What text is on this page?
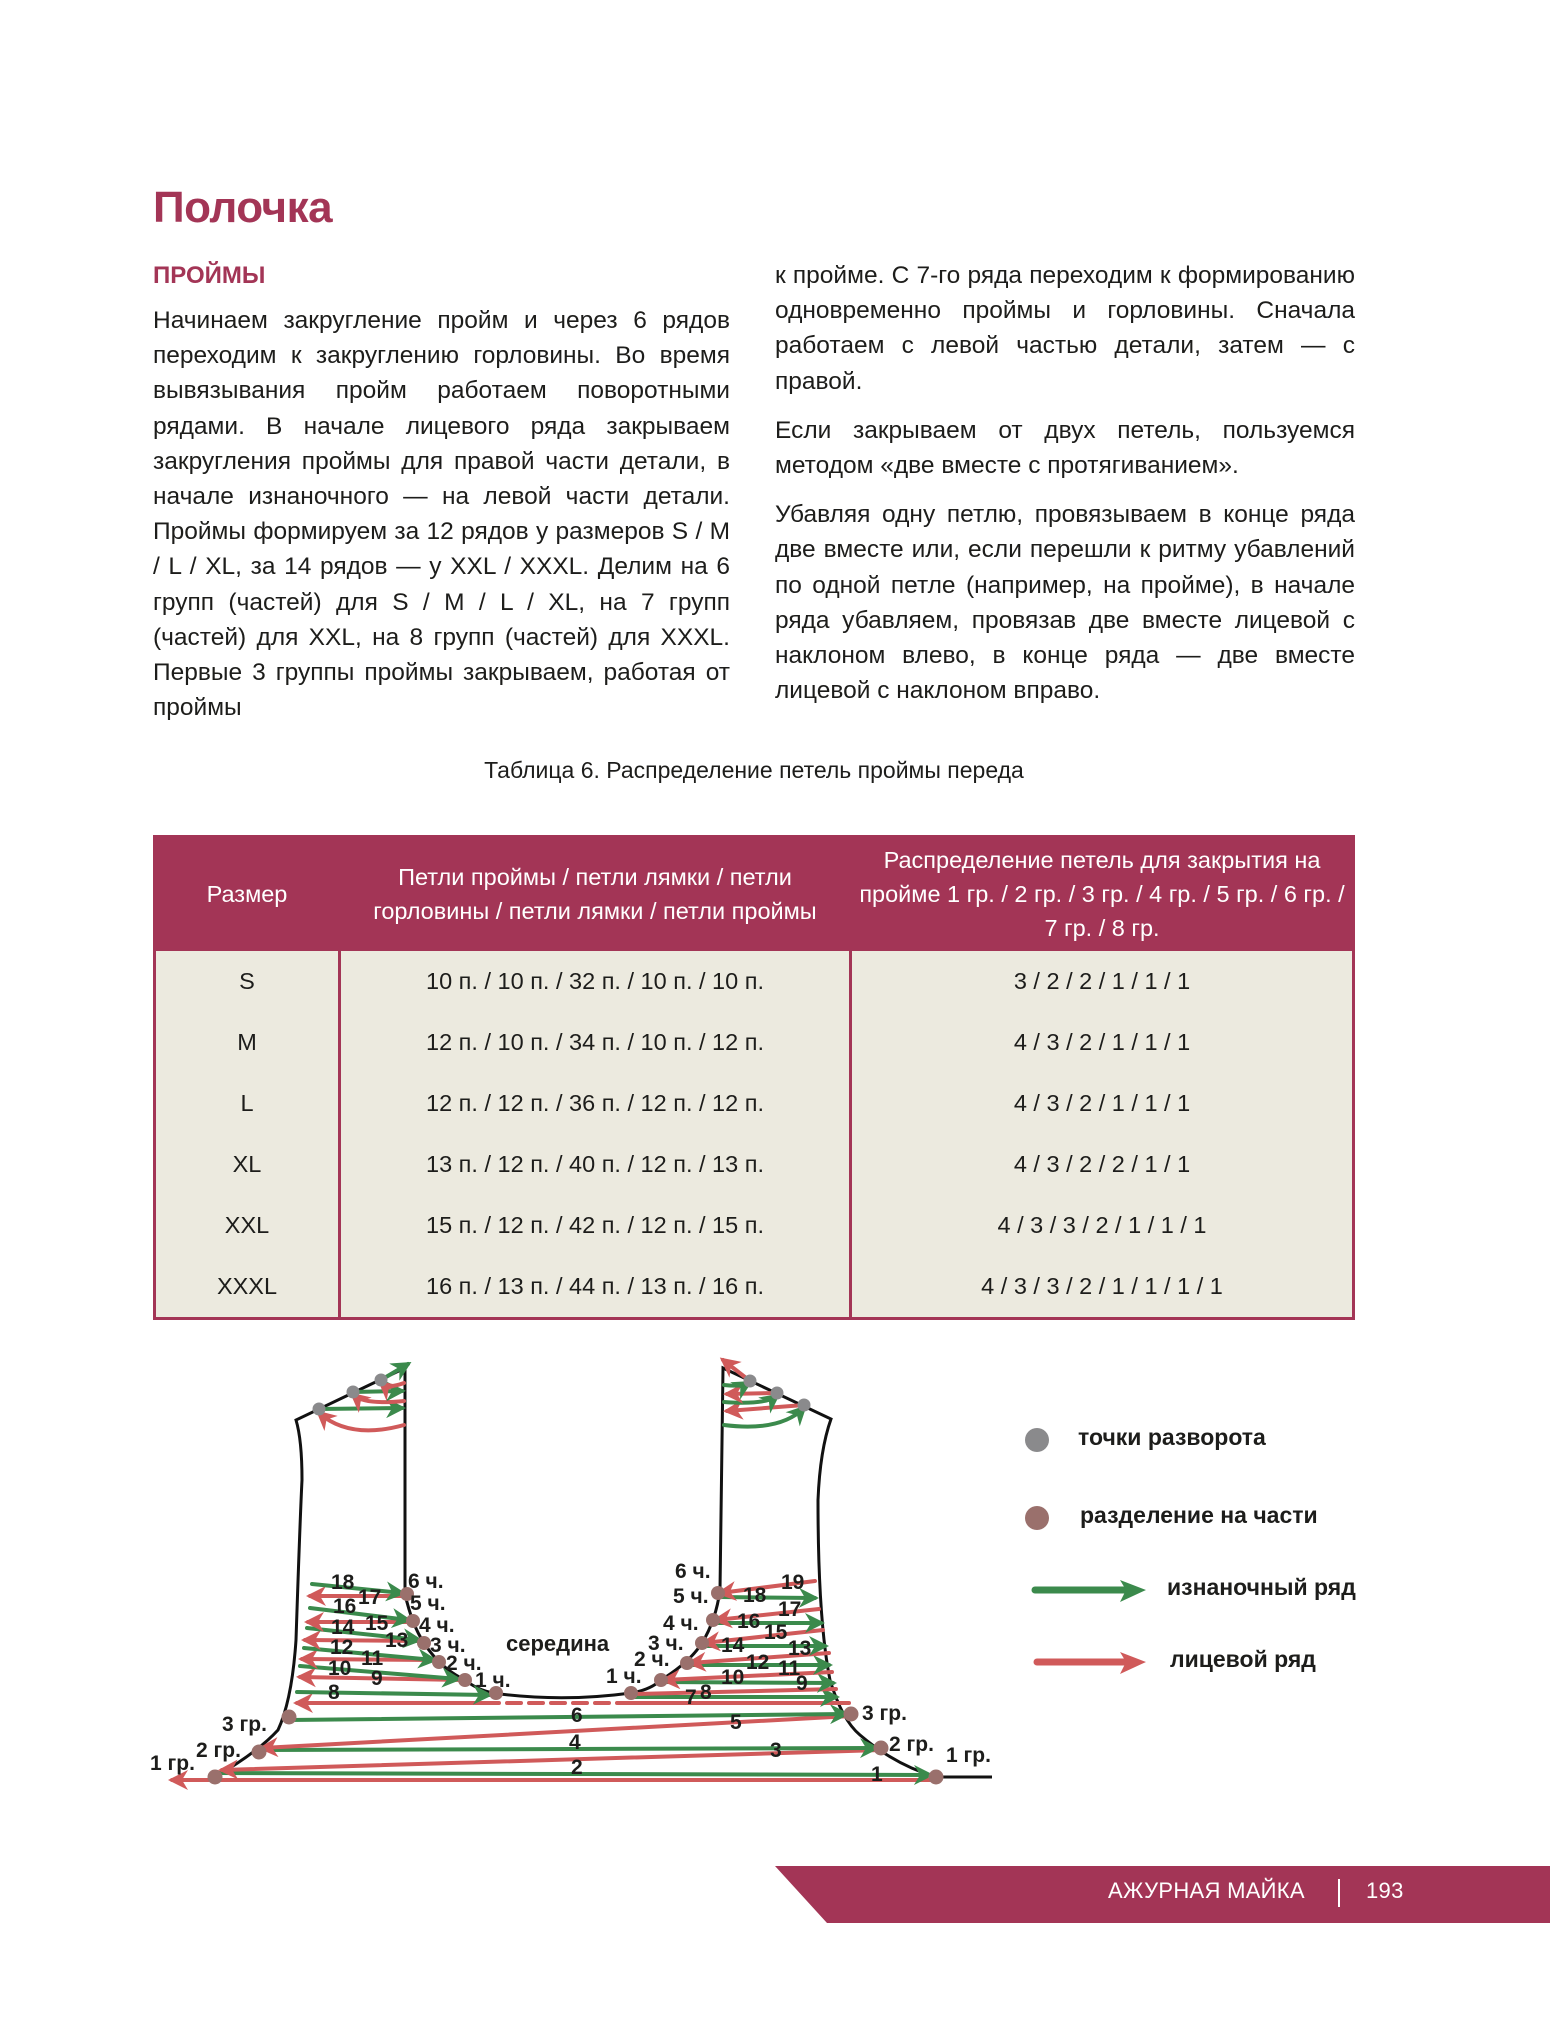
Полочка
ПРОЙМЫ

Начинаем закругление пройм и через 6 рядов переходим к закруглению горловины. Во время вывязывания пройм работаем поворотными рядами. В начале лицевого ряда закрываем закругления проймы для правой части детали, в начале изнаночного — на левой части детали. Проймы формируем за 12 рядов у размеров S / M / L / XL, за 14 рядов — у XXL / XXXL. Делим на 6 групп (частей) для S / M / L / XL, на 7 групп (частей) для XXL, на 8 групп (частей) для XXXL. Первые 3 группы проймы закрываем, работая от проймы

к пройме. С 7-го ряда переходим к формированию одновременно проймы и горловины. Сначала работаем с левой частью детали, затем — с правой.

Если закрываем от двух петель, пользуемся методом «две вместе с протягиванием».

Убавляя одну петлю, провязываем в конце ряда две вместе или, если перешли к ритму убавлений по одной петле (например, на пройме), в начале ряда убавляем, провязав две вместе лицевой с наклоном влево, в конце ряда — две вместе лицевой с наклоном вправо.

Таблица 6. Распределение петель проймы переда
Размер	Петли проймы / петли лямки / петли горловины / петли лямки / петли проймы	Распределение петель для закрытия на пройме 1 гр. / 2 гр. / 3 гр. / 4 гр. / 5 гр. / 6 гр. / 7 гр. / 8 гр.
S	10 п. / 10 п. / 32 п. / 10 п. / 10 п.	3 / 2 / 2 / 1 / 1 / 1
M	12 п. / 10 п. / 34 п. / 10 п. / 12 п.	4 / 3 / 2 / 1 / 1 / 1
L	12 п. / 12 п. / 36 п. / 12 п. / 12 п.	4 / 3 / 2 / 1 / 1 / 1
XL	13 п. / 12 п. / 40 п. / 12 п. / 13 п.	4 / 3 / 2 / 2 / 1 / 1
XXL	15 п. / 12 п. / 42 п. / 12 п. / 15 п.	4 / 3 / 3 / 2 / 1 / 1 / 1
XXXL	16 п. / 13 п. / 44 п. / 13 п. / 16 п.	4 / 3 / 3 / 2 / 1 / 1 / 1 / 1
середина
6 ч.
5 ч.
4 ч.
3 ч.
2 ч.
1 ч.
6 ч.
5 ч.
4 ч.
3 ч.
2 ч.
1 ч.
3 гр.
2 гр.
1 гр.
3 гр.
2 гр. 1 гр.
1
2
3
4
5
6
7 8
8
9
10 11
12 13
14 15
16 17
18
9
10 11
12
13
14
15
16
17
18
19
точки разворота
разделение на части
изнаночный ряд
лицевой ряд
АЖУРНАЯ МАЙКА	193
